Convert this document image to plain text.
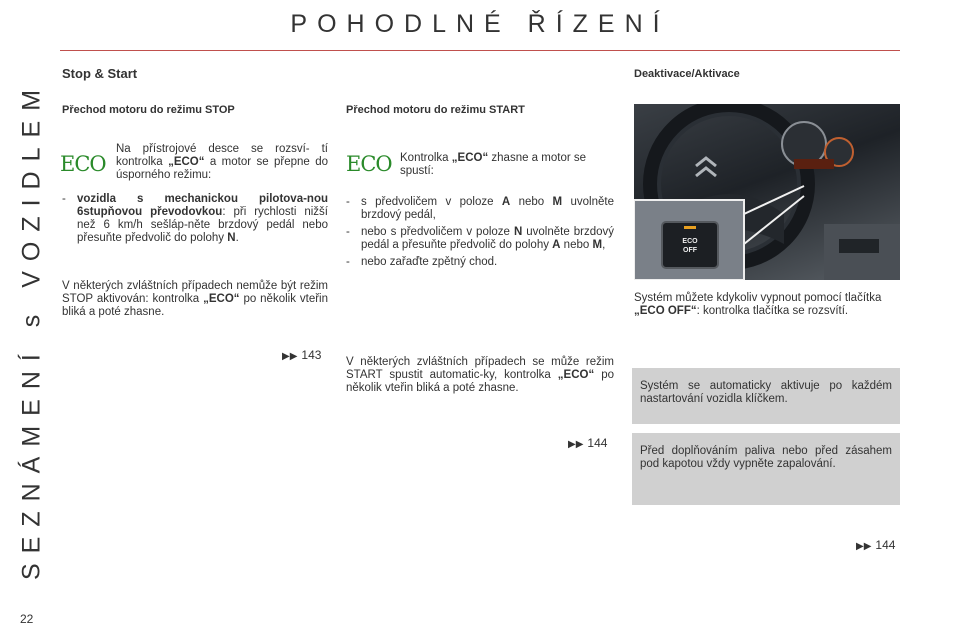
POHODLNÉ ŘÍZENÍ
SEZNÁMENÍ s VOZIDLEM
22
Stop & Start
Přechod motoru do režimu STOP
ECO
Na přístrojové desce se rozsví- tí kontrolka „ECO“ a motor se přepne do úsporného režimu:
- vozidla s mechanickou pilotova-nou 6stupňovou převodovkou: při rychlosti nižší než 6 km/h sešláp-něte brzdový pedál nebo přesuňte předvolič do polohy N.
V některých zvláštních případech nemůže být režim STOP aktivován: kontrolka „ECO“ po několik vteřin bliká a poté zhasne.
▶▶ 143
Přechod motoru do režimu START
ECO Kontrolka „ECO“ zhasne a motor se spustí:
- s předvoličem v poloze A nebo M uvolněte brzdový pedál,
- nebo s předvoličem v poloze N uvolněte brzdový pedál a přesuňte předvolič do polohy A nebo M,
- nebo zařaďte zpětný chod.
V některých zvláštních případech se může režim START spustit automatic-ky, kontrolka „ECO“ po několik vteřin bliká a poté zhasne.
▶▶ 144
Deaktivace/Aktivace
ECO
OFF
Systém můžete kdykoliv vypnout pomocí tlačítka „ECO OFF“: kontrolka tlačítka se rozsvítí.
Systém se automaticky aktivuje po každém nastartování vozidla klíčkem.
Před doplňováním paliva nebo před zásahem pod kapotou vždy vypněte zapalování.
▶▶ 144
